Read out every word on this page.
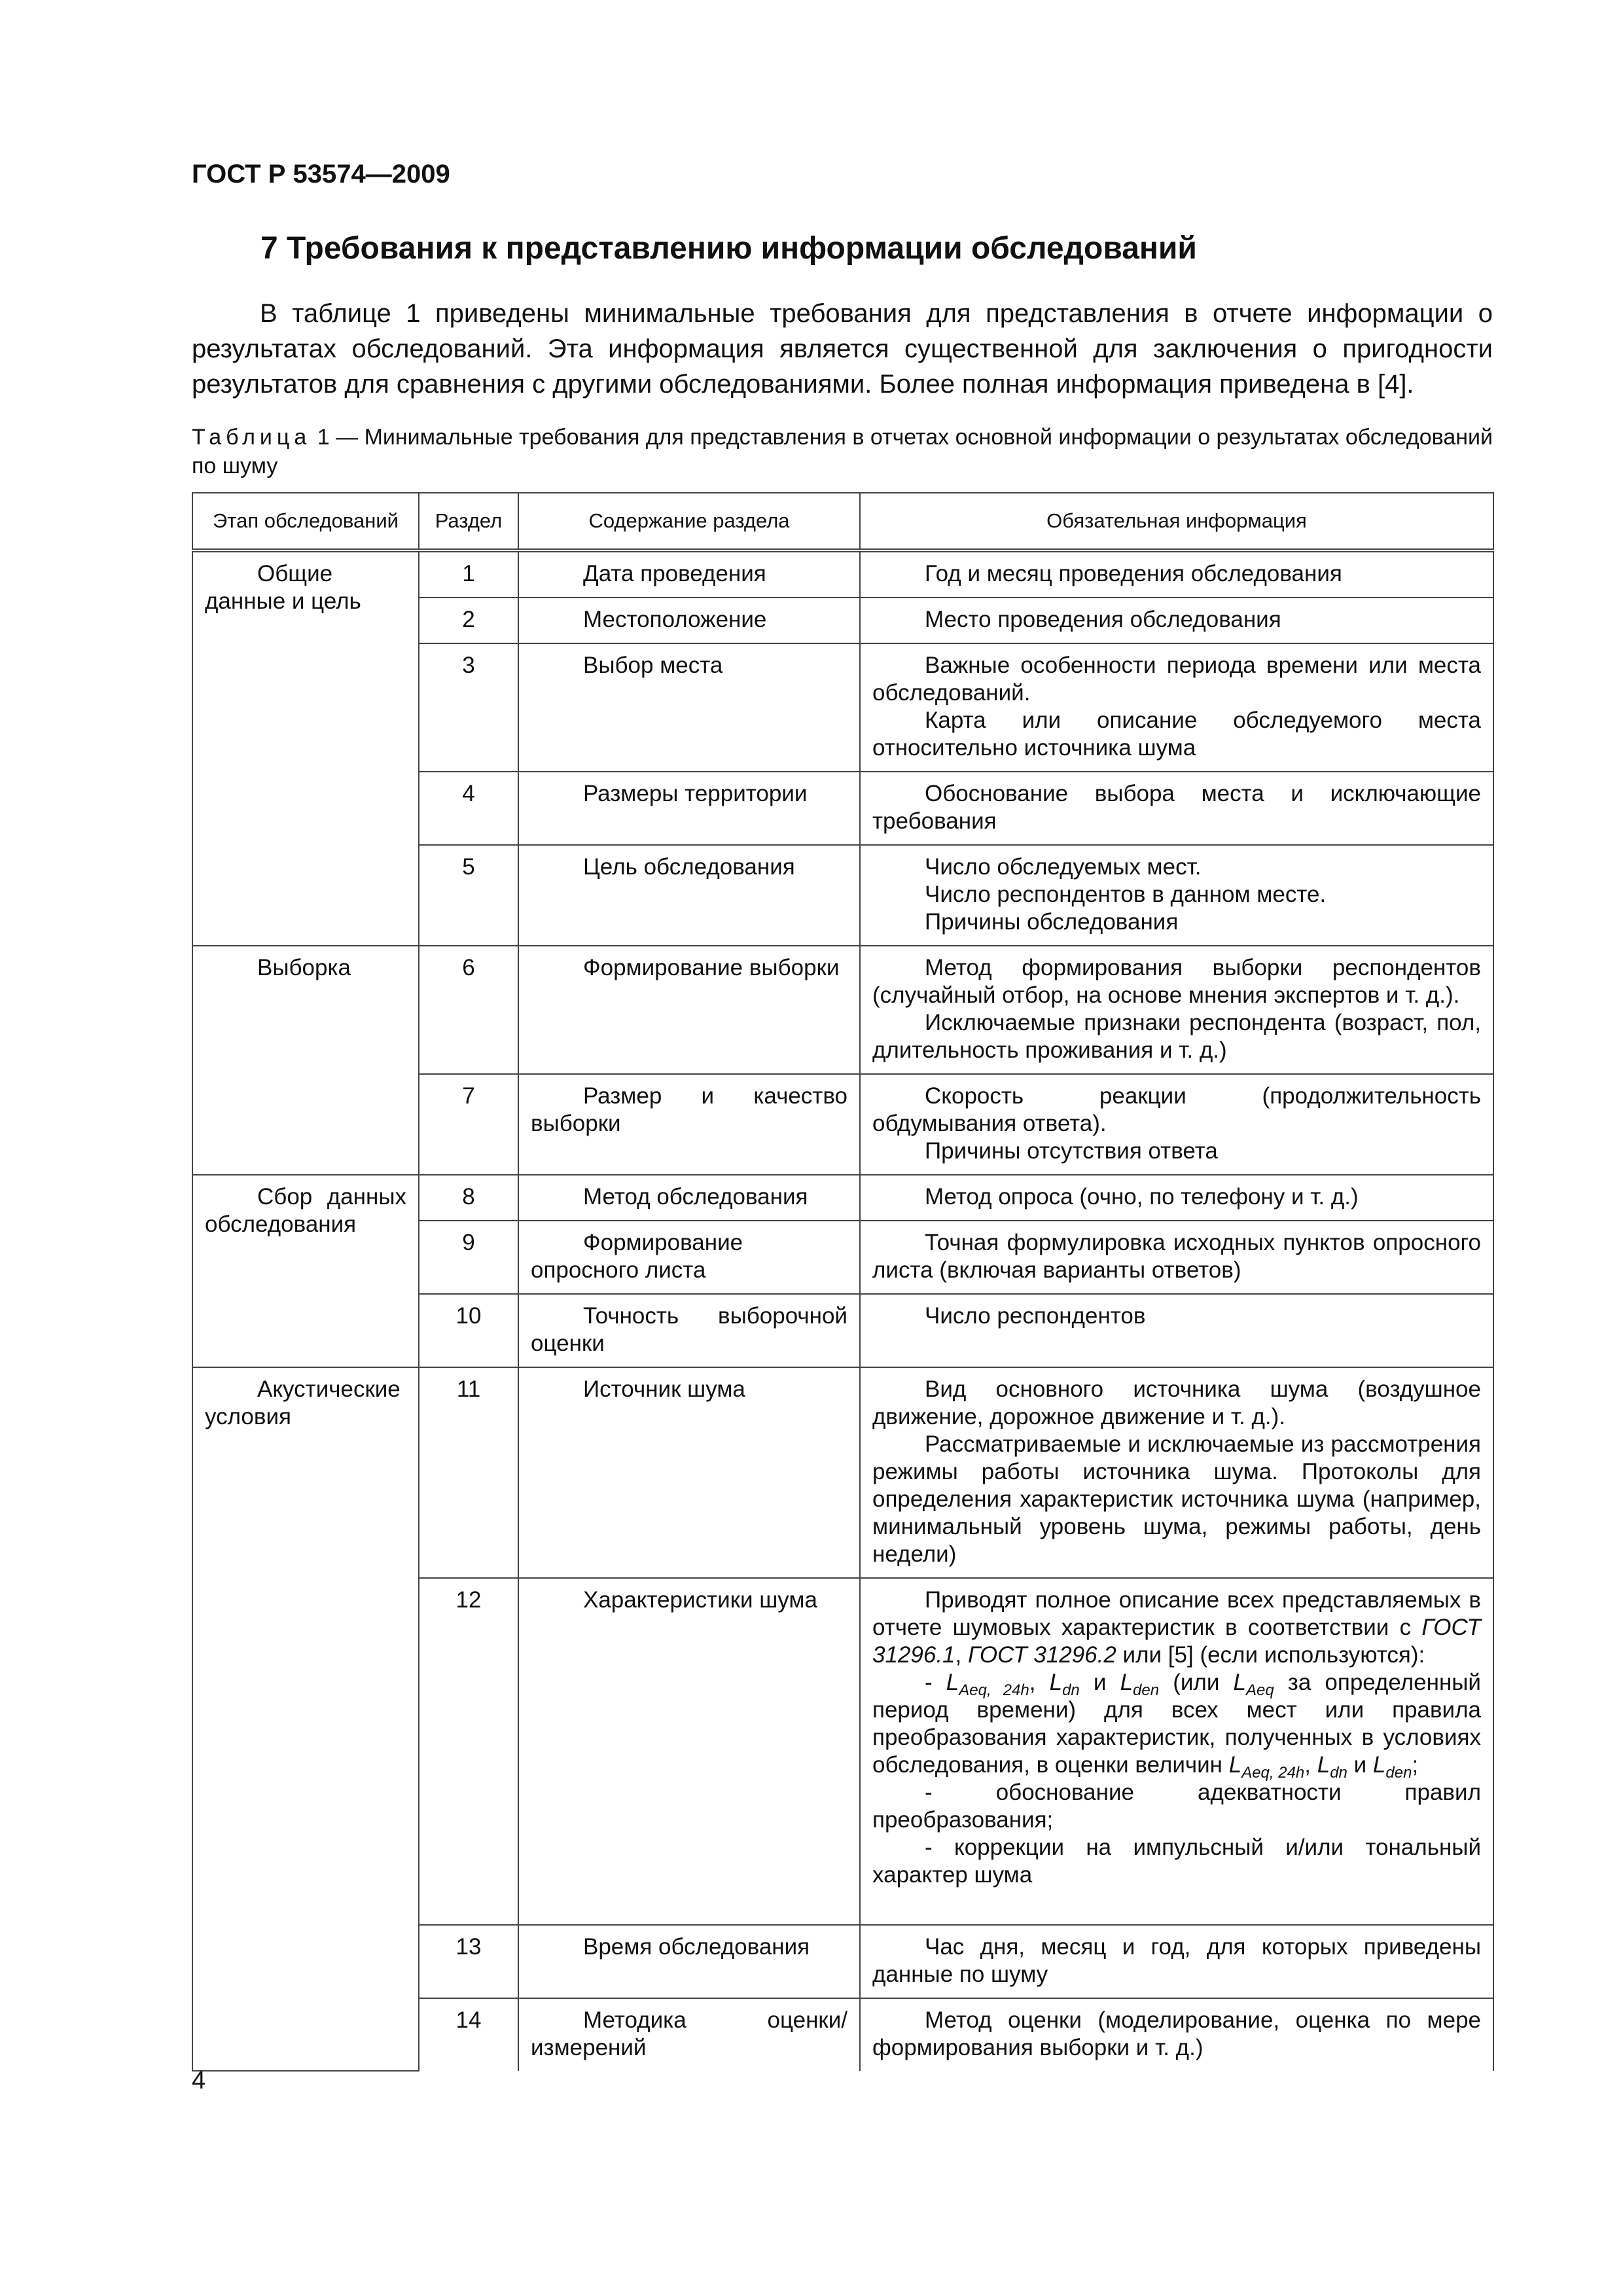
ГОСТ Р 53574—2009
7 Требования к представлению информации обследований
В таблице 1 приведены минимальные требования для представления в отчете информации о результатах обследований. Эта информация является существенной для заключения о пригодности результатов для сравнения с другими обследованиями. Более полная информация приведена в [4].
Таблица 1 — Минимальные требования для представления в отчетах основной информации о результатах обследований по шуму
Этап обследований	Раздел	Содержание раздела	Обязательная информация
Общие данные и цель	1	Дата проведения	Год и месяц проведения обследования

	2	Местоположение	Место проведения обследования

	3	Выбор места	Важные особенности периода времени или места обследований.

Карта или описание обследуемого места относительно источника шума

	4	Размеры территории	Обоснование выбора места и исключающие требования

	5	Цель обследования	Число обследуемых мест.

Число респондентов в данном месте.

Причины обследования

Выборка	6	Формирование выборки	Метод формирования выборки респондентов (случайный отбор, на основе мнения экспертов и т. д.).

Исключаемые признаки респондента (возраст, пол, длительность проживания и т. д.)

	7	Размер и качество выборки	Скорость реакции (продолжительность обдумывания ответа).

Причины отсутствия ответа

Сбор данных обследования	8	Метод обследования	Метод опроса (очно, по телефону и т. д.)

	9	Формирование опросного листа	Точная формулировка исходных пунктов опросного листа (включая варианты ответов)

	10	Точность выборочной оценки	Число респондентов

Акустические условия	11	Источник шума	Вид основного источника шума (воздушное движение, дорожное движение и т. д.).

Рассматриваемые и исключаемые из рассмотрения режимы работы источника шума. Протоколы для определения характеристик источника шума (например, минимальный уровень шума, режимы работы, день недели)

	12	Характеристики шума	Приводят полное описание всех представляемых в отчете шумовых характеристик в соответствии с ГОСТ 31296.1, ГОСТ 31296.2 или [5] (если используются):

- $L_{Aeq, 24h}$, $L_{dn}$ и $L_{den}$ (или $L_{Aeq}$ за определенный период времени) для всех мест или правила преобразования характеристик, полученных в условиях обследования, в оценки величин $L_{Aeq, 24h}$, $L_{dn}$ и $L_{den}$;

- обоснование адекватности правил преобразования;

- коррекции на импульсный и/или тональный характер шума

	13	Время обследования	Час дня, месяц и год, для которых приведены данные по шуму

	14	Методика оценки/измерений	Метод оценки (моделирование, оценка по мере формирования выборки и т. д.)

4
